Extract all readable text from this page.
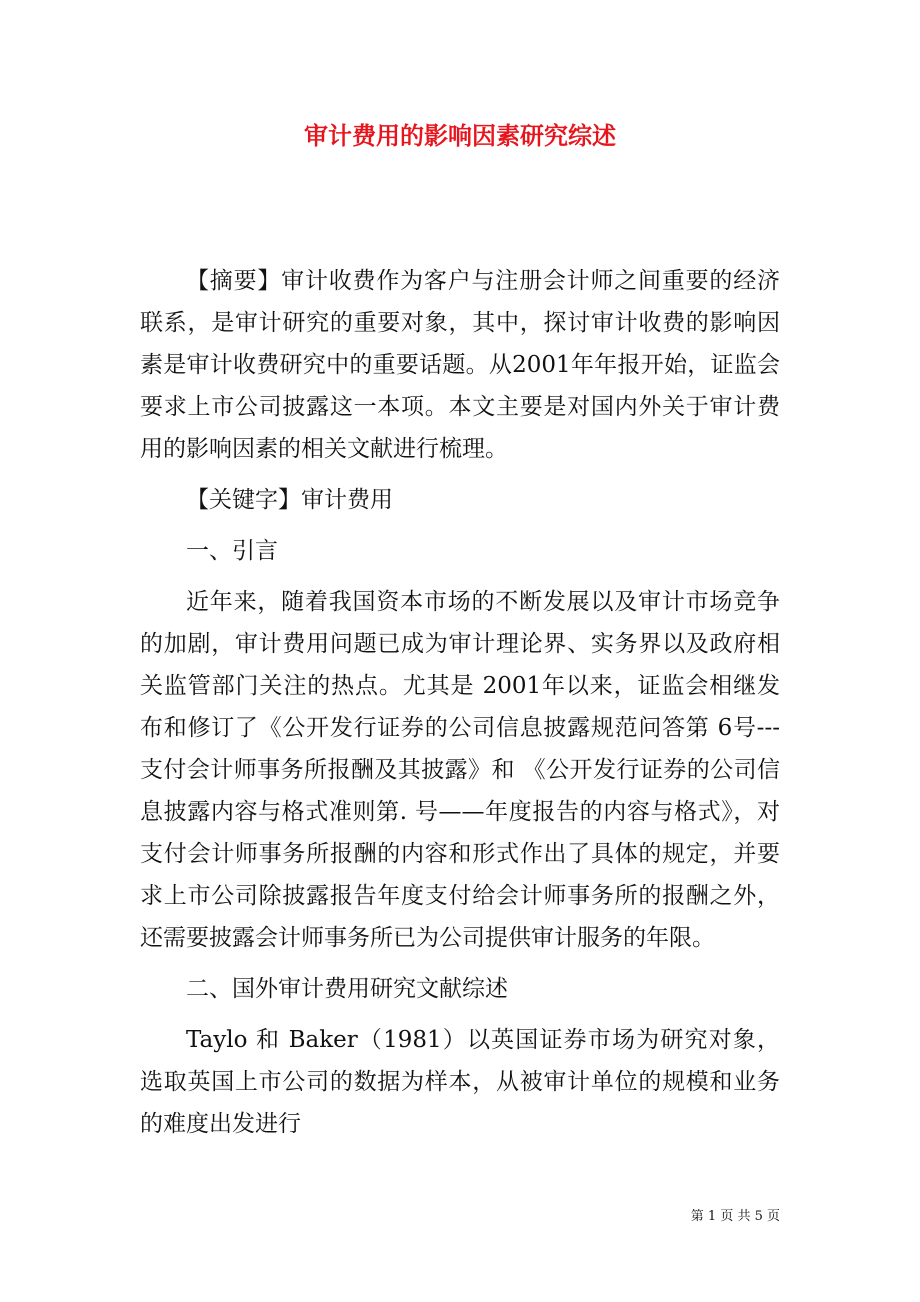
审计费用的影响因素研究综述

【摘要】审计收费作为客户与注册会计师之间重要的经济联系，是审计研究的重要对象，其中，探讨审计收费的影响因素是审计收费研究中的重要话题。从2001年年报开始，证监会要求上市公司披露这一本项。本文主要是对国内外关于审计费用的影响因素的相关文献进行梳理。

【关键字】审计费用

一、引言

近年来，随着我国资本市场的不断发展以及审计市场竞争的加剧，审计费用问题已成为审计理论界、实务界以及政府相关监管部门关注的热点。尤其是 2001年以来，证监会相继发布和修订了《公开发行证券的公司信息披露规范问答第 6号---支付会计师事务所报酬及其披露》和 《公开发行证券的公司信息披露内容与格式准则第. 号——年度报告的内容与格式》，对支付会计师事务所报酬的内容和形式作出了具体的规定，并要求上市公司除披露报告年度支付给会计师事务所的报酬之外，还需要披露会计师事务所已为公司提供审计服务的年限。

二、国外审计费用研究文献综述

Taylo 和 Baker（1981）以英国证券市场为研究对象，选取英国上市公司的数据为样本，从被审计单位的规模和业务的难度出发进行

第 1 页 共 5 页
